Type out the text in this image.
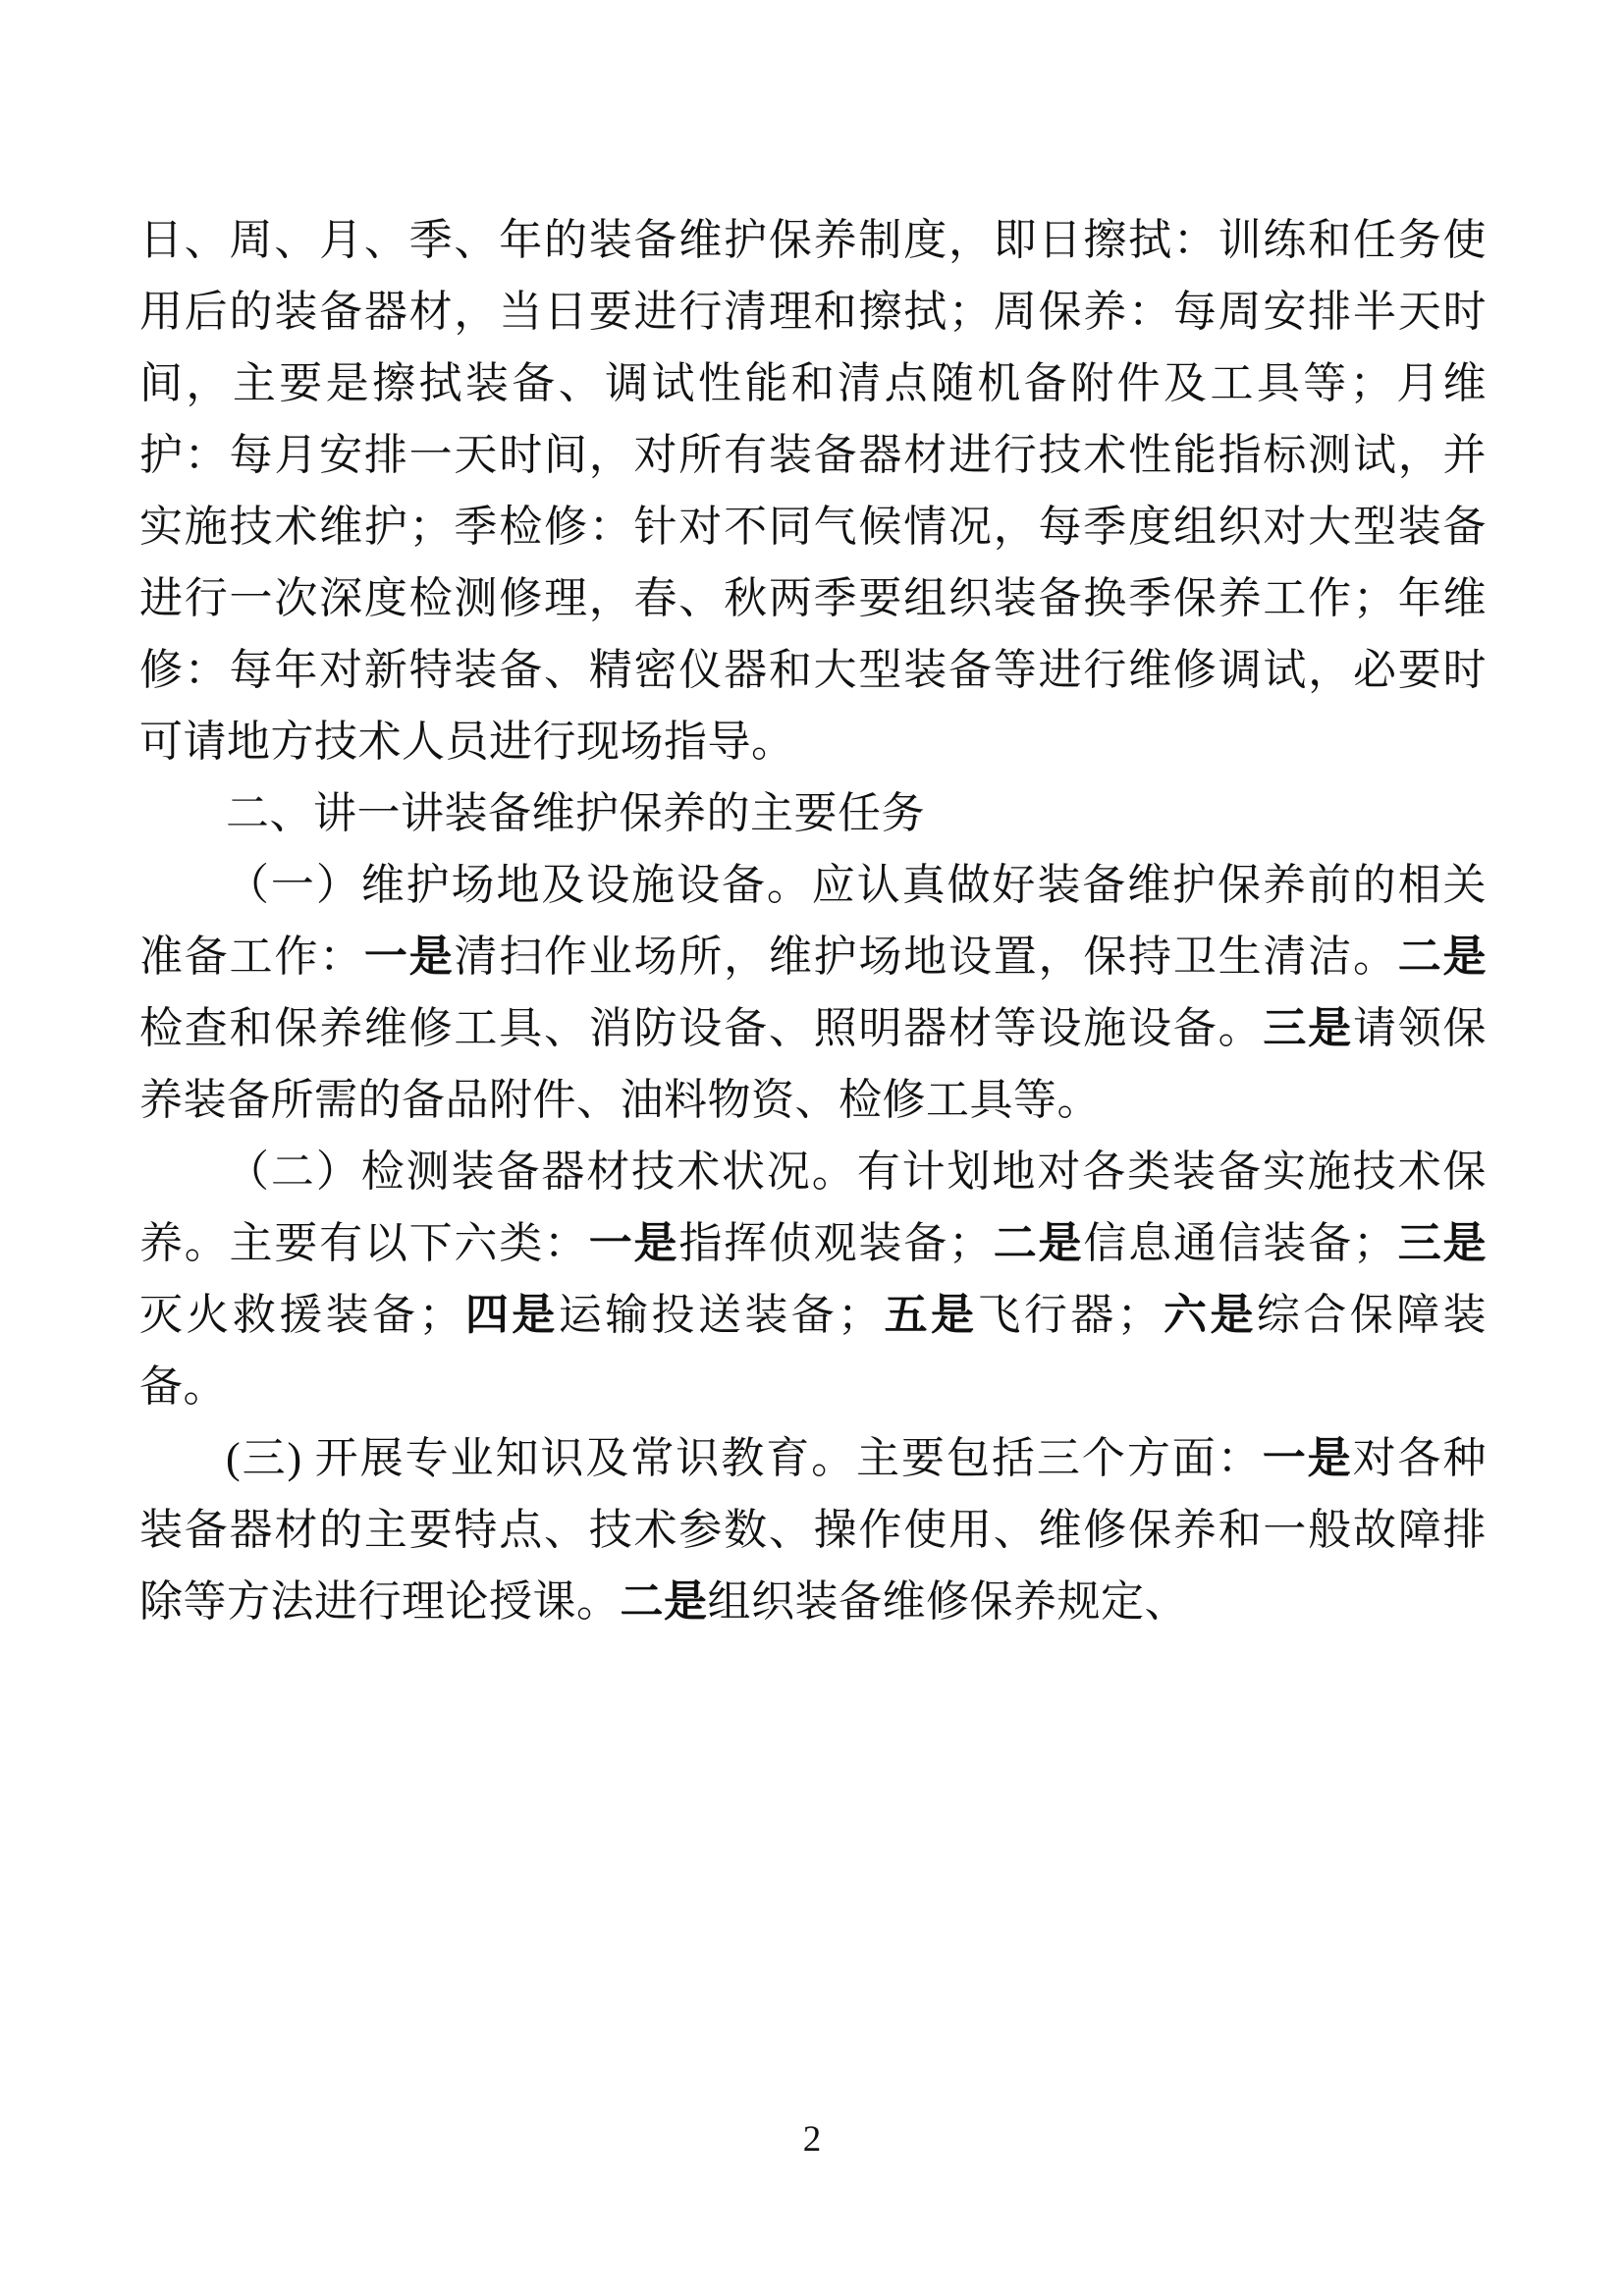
日、周、月、季、年的装备维护保养制度，即日擦拭：训练和任务使用后的装备器材，当日要进行清理和擦拭；周保养：每周安排半天时间，主要是擦拭装备、调试性能和清点随机备附件及工具等；月维护：每月安排一天时间，对所有装备器材进行技术性能指标测试，并实施技术维护；季检修：针对不同气候情况，每季度组织对大型装备进行一次深度检测修理，春、秋两季要组织装备换季保养工作；年维修：每年对新特装备、精密仪器和大型装备等进行维修调试，必要时可请地方技术人员进行现场指导。

二、讲一讲装备维护保养的主要任务

（一）维护场地及设施设备。应认真做好装备维护保养前的相关准备工作：一是清扫作业场所，维护场地设置，保持卫生清洁。二是检查和保养维修工具、消防设备、照明器材等设施设备。三是请领保养装备所需的备品附件、油料物资、检修工具等。

（二）检测装备器材技术状况。有计划地对各类装备实施技术保养。主要有以下六类：一是指挥侦观装备；二是信息通信装备；三是灭火救援装备；四是运输投送装备；五是飞行器；六是综合保障装备。

(三) 开展专业知识及常识教育。主要包括三个方面：一是对各种装备器材的主要特点、技术参数、操作使用、维修保养和一般故障排除等方法进行理论授课。二是组织装备维修保养规定、

2
